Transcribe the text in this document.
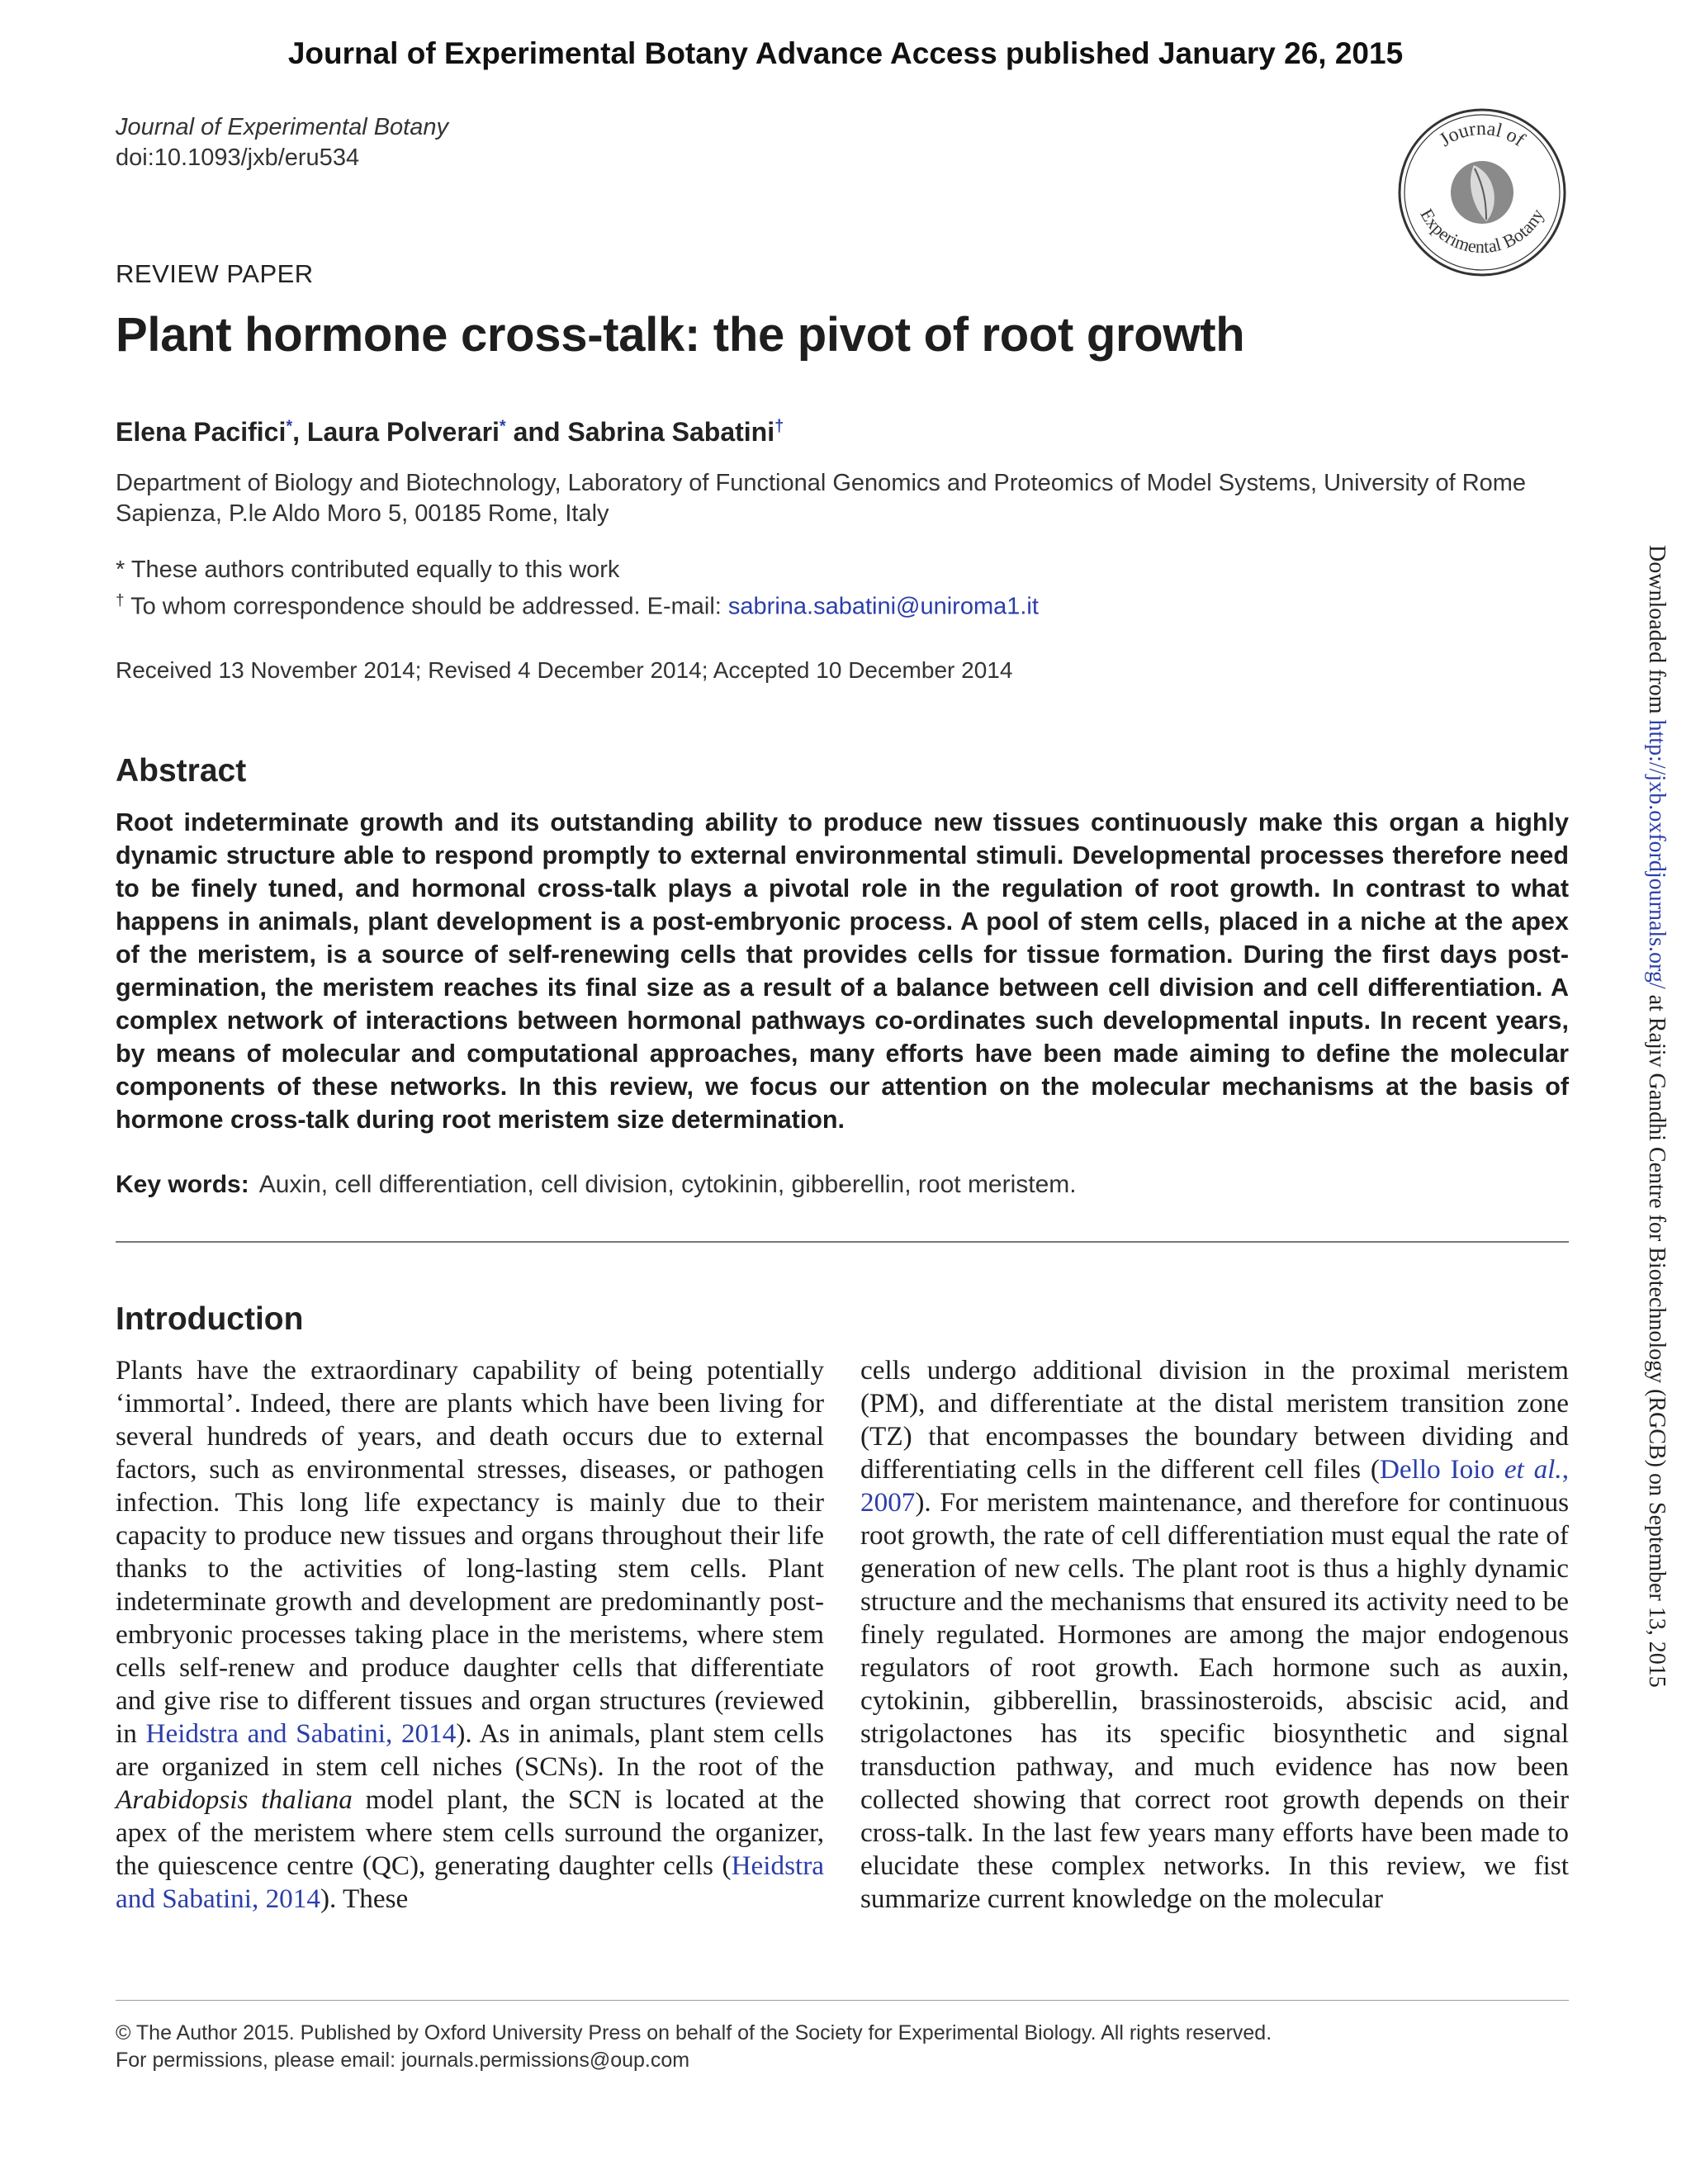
Journal of Experimental Botany Advance Access published January 26, 2015
Journal of Experimental Botany
doi:10.1093/jxb/eru534
Journal of
Experimental Botany
REVIEW PAPER
Plant hormone cross-talk: the pivot of root growth
Elena Pacifici*, Laura Polverari* and Sabrina Sabatini†
Department of Biology and Biotechnology, Laboratory of Functional Genomics and Proteomics of Model Systems, University of Rome Sapienza, P.le Aldo Moro 5, 00185 Rome, Italy
* These authors contributed equally to this work
† To whom correspondence should be addressed. E-mail: sabrina.sabatini@uniroma1.it
Received 13 November 2014; Revised 4 December 2014; Accepted 10 December 2014
Abstract
Root indeterminate growth and its outstanding ability to produce new tissues continuously make this organ a highly dynamic structure able to respond promptly to external environmental stimuli. Developmental processes therefore need to be finely tuned, and hormonal cross-talk plays a pivotal role in the regulation of root growth. In contrast to what happens in animals, plant development is a post-embryonic process. A pool of stem cells, placed in a niche at the apex of the meristem, is a source of self-renewing cells that provides cells for tissue formation. During the first days post-germination, the meristem reaches its final size as a result of a balance between cell division and cell differentiation. A complex network of interactions between hormonal pathways co-ordinates such developmental inputs. In recent years, by means of molecular and computational approaches, many efforts have been made aiming to define the molecular components of these networks. In this review, we focus our attention on the molecular mechanisms at the basis of hormone cross-talk during root meristem size determination.
Key words: Auxin, cell differentiation, cell division, cytokinin, gibberellin, root meristem.
Introduction
Plants have the extraordinary capability of being potentially ‘immortal’. Indeed, there are plants which have been living for several hundreds of years, and death occurs due to external factors, such as environmental stresses, diseases, or pathogen infection. This long life expectancy is mainly due to their capacity to produce new tissues and organs throughout their life thanks to the activities of long-lasting stem cells. Plant indeterminate growth and development are predominantly post-embryonic processes taking place in the meristems, where stem cells self-renew and produce daughter cells that differentiate and give rise to different tissues and organ structures (reviewed in Heidstra and Sabatini, 2014). As in animals, plant stem cells are organized in stem cell niches (SCNs). In the root of the Arabidopsis thaliana model plant, the SCN is located at the apex of the meristem where stem cells surround the organizer, the quiescence centre (QC), generating daughter cells (Heidstra and Sabatini, 2014). These
cells undergo additional division in the proximal meristem (PM), and differentiate at the distal meristem transition zone (TZ) that encompasses the boundary between dividing and differentiating cells in the different cell files (Dello Ioio et al., 2007). For meristem maintenance, and therefore for continuous root growth, the rate of cell differentiation must equal the rate of generation of new cells. The plant root is thus a highly dynamic structure and the mechanisms that ensured its activity need to be finely regulated. Hormones are among the major endogenous regulators of root growth. Each hormone such as auxin, cytokinin, gibberellin, brassinosteroids, abscisic acid, and strigolactones has its specific biosynthetic and signal transduction pathway, and much evidence has now been collected showing that correct root growth depends on their cross-talk. In the last few years many efforts have been made to elucidate these complex networks. In this review, we fist summarize current knowledge on the molecular
© The Author 2015. Published by Oxford University Press on behalf of the Society for Experimental Biology. All rights reserved.
For permissions, please email: journals.permissions@oup.com
Downloaded from http://jxb.oxfordjournals.org/ at Rajiv Gandhi Centre for Biotechnology (RGCB) on September 13, 2015
